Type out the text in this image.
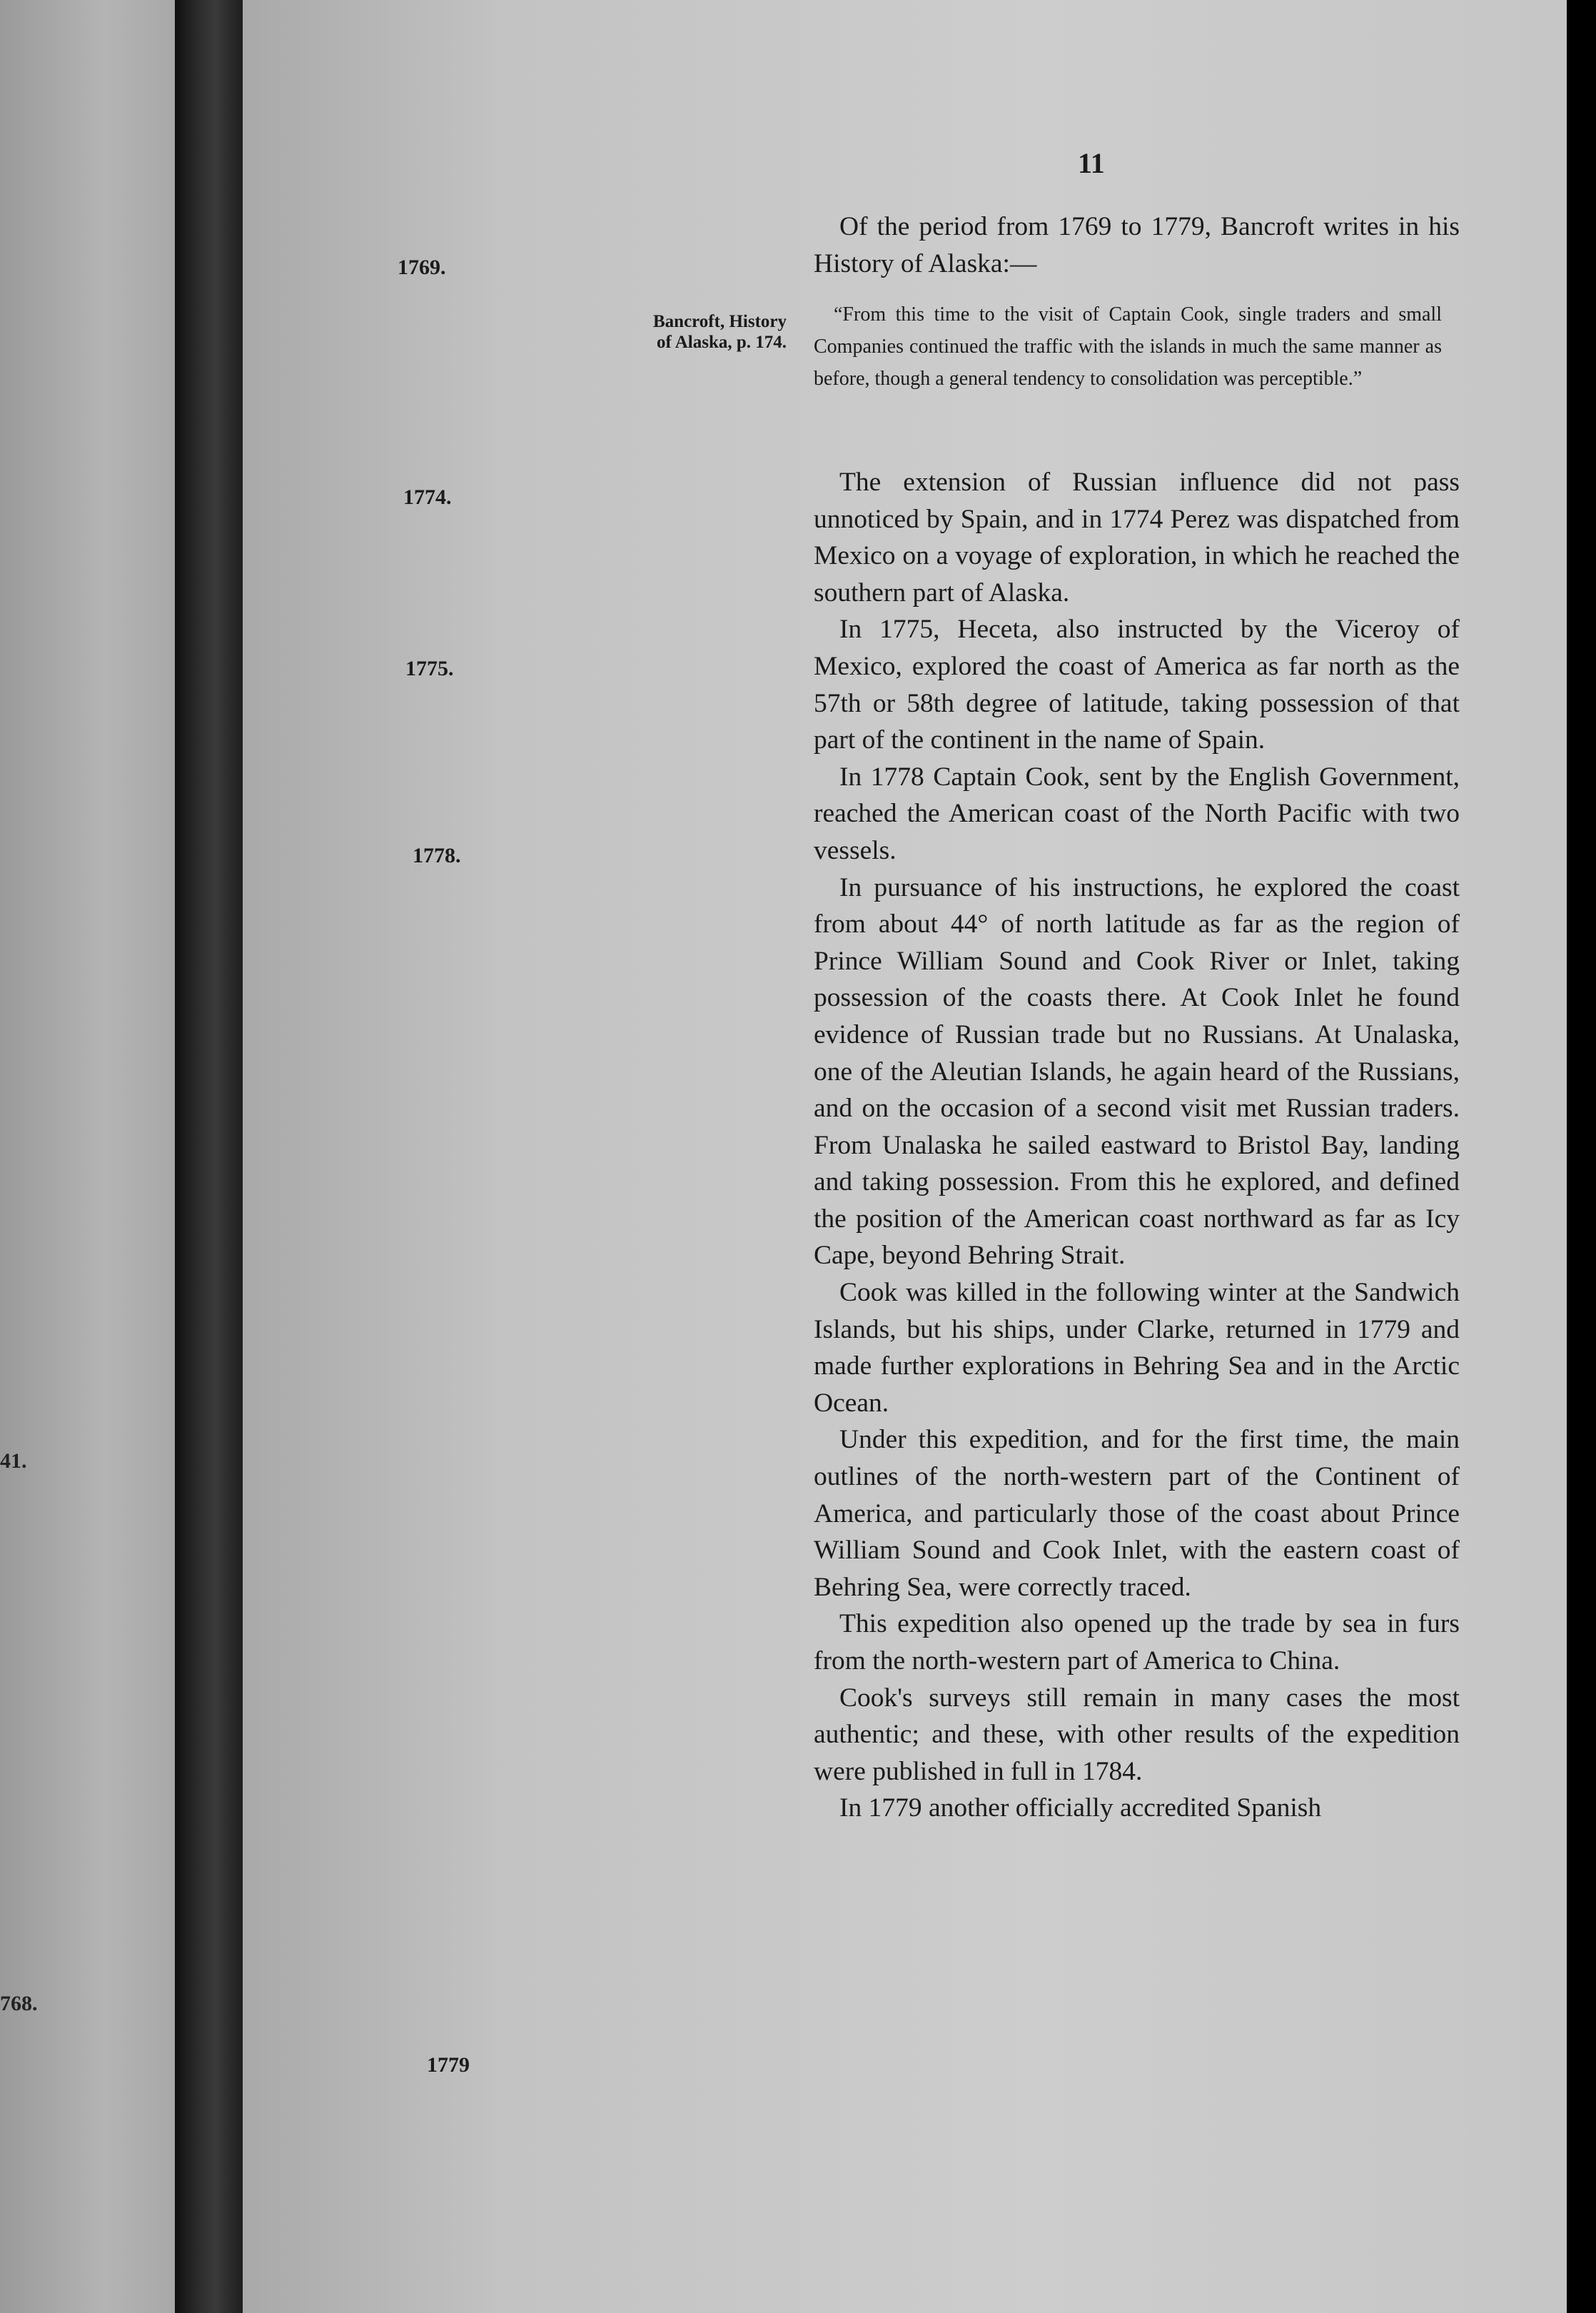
41.
768.
11
1769.
1774.
1775.
1778.
1779
Bancroft, History
of Alaska, p. 174.

Of the period from 1769 to 1779, Bancroft writes in his History of Alaska:—

“From this time to the visit of Captain Cook, single traders and small Companies continued the traffic with the islands in much the same manner as before, though a general tendency to consolidation was perceptible.”

The extension of Russian influence did not pass unnoticed by Spain, and in 1774 Perez was dispatched from Mexico on a voyage of exploration, in which he reached the southern part of Alaska.

In 1775, Heceta, also instructed by the Viceroy of Mexico, explored the coast of America as far north as the 57th or 58th degree of latitude, taking possession of that part of the continent in the name of Spain.

In 1778 Captain Cook, sent by the English Government, reached the American coast of the North Pacific with two vessels.

In pursuance of his instructions, he explored the coast from about 44° of north latitude as far as the region of Prince William Sound and Cook River or Inlet, taking possession of the coasts there. At Cook Inlet he found evidence of Russian trade but no Russians. At Unalaska, one of the Aleutian Islands, he again heard of the Russians, and on the occasion of a second visit met Russian traders. From Unalaska he sailed eastward to Bristol Bay, landing and taking possession. From this he explored, and defined the position of the American coast northward as far as Icy Cape, beyond Behring Strait.

Cook was killed in the following winter at the Sandwich Islands, but his ships, under Clarke, returned in 1779 and made further explorations in Behring Sea and in the Arctic Ocean.

Under this expedition, and for the first time, the main outlines of the north-western part of the Continent of America, and particularly those of the coast about Prince William Sound and Cook Inlet, with the eastern coast of Behring Sea, were correctly traced.

This expedition also opened up the trade by sea in furs from the north-western part of America to China.

Cook's surveys still remain in many cases the most authentic; and these, with other results of the expedition were published in full in 1784.

In 1779 another officially accredited Spanish
